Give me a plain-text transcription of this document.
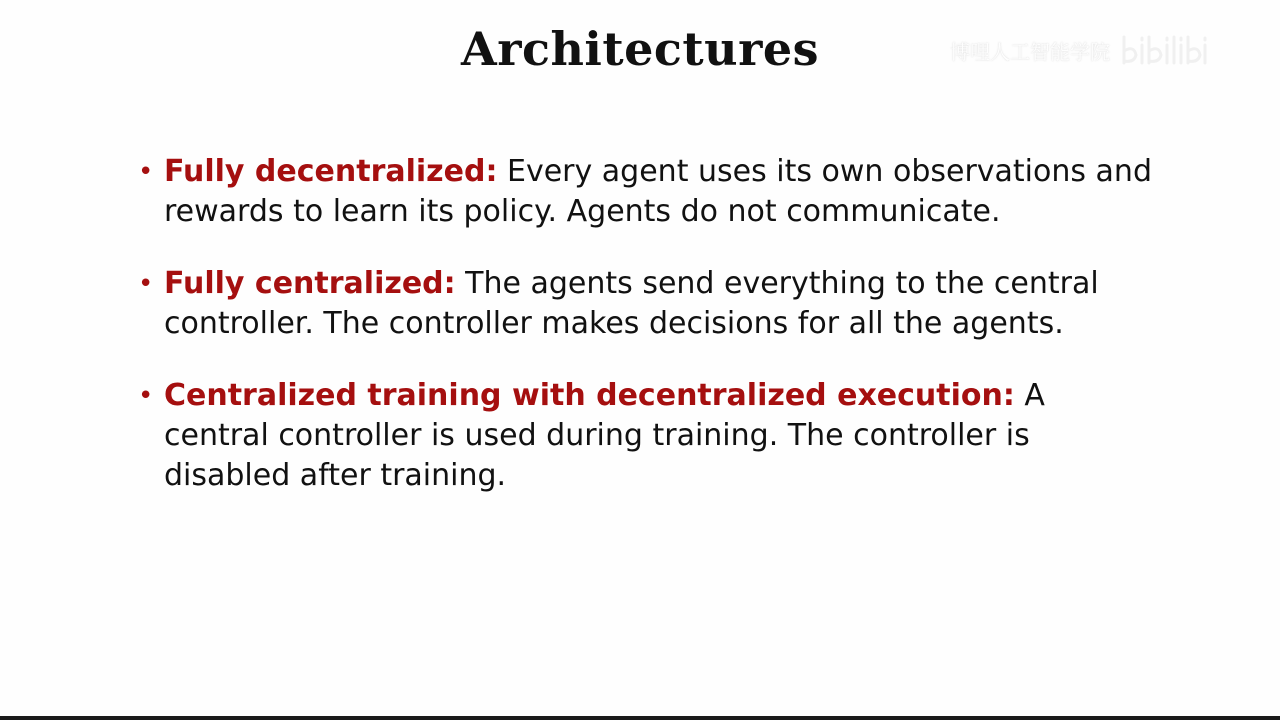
Architectures	博哩人工智能学院
• Fully decentralized: Every agent uses its own observations and rewards to learn its policy. Agents do not communicate.
• Fully centralized: The agents send everything to the central controller. The controller makes decisions for all the agents.
• Centralized training with decentralized execution: A central controller is used during training. The controller is disabled after training.
